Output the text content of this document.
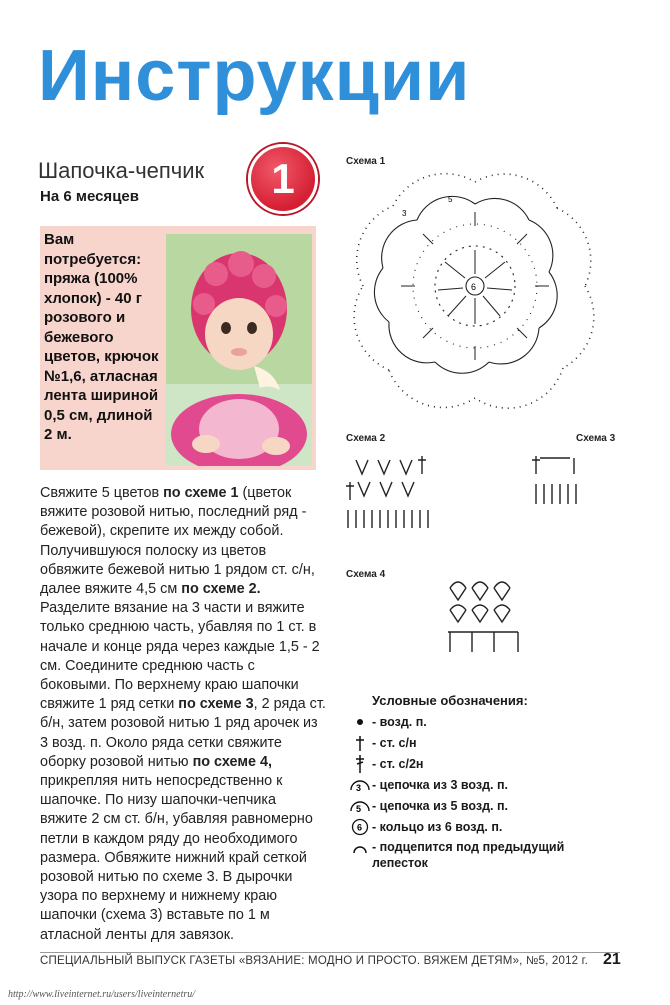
Инструкции
Шапочка-чепчик
На 6 месяцев	1
Вам потребуется: пряжа (100% хлопок) - 40 г розового и бежевого цветов, крючок №1,6, атласная лента шириной 0,5 см, длиной 2 м.
Свяжите 5 цветов по схеме 1 (цветок вяжите розовой нитью, последний ряд - бежевой), скрепите их между собой. Получившуюся полоску из цветов обвяжите бежевой нитью 1 рядом ст. с/н, далее вяжите 4,5 см по схеме 2. Разделите вязание на 3 части и вяжите только среднюю часть, убавляя по 1 ст. в начале и конце ряда через каждые 1,5 - 2 см. Соедините среднюю часть с боковыми. По верхнему краю шапочки свяжите 1 ряд сетки по схеме 3, 2 ряда ст. б/н, затем розовой нитью 1 ряд арочек из 3 возд. п. Около ряда сетки свяжите оборку розовой нитью по схеме 4, прикрепляя нить непосредственно к шапочке. По низу шапочки-чепчика вяжите 2 см ст. б/н, убавляя равномерно петли в каждом ряду до необходимого размера. Обвяжите нижний край сеткой розовой нитью по схеме 3. В дырочки узора по верхнему и нижнему краю шапочки (схема 3) вставьте по 1 м атласной ленты для завязок.
Схема 1
6
3
5
Схема 2	Схема 3
Схема 4
Условные обозначения:
- возд. п.
- ст. с/н
- ст. с/2н
3 - цепочка из 3 возд. п.
5 - цепочка из 5 возд. п.
6 - кольцо из 6 возд. п.
- подцепится под предыдущий лепесток
СПЕЦИАЛЬНЫЙ ВЫПУСК ГАЗЕТЫ «ВЯЗАНИЕ: МОДНО И ПРОСТО. ВЯЖЕМ ДЕТЯМ», №5, 2012 г. 21
http://www.liveinternet.ru/users/liveinternetru/
